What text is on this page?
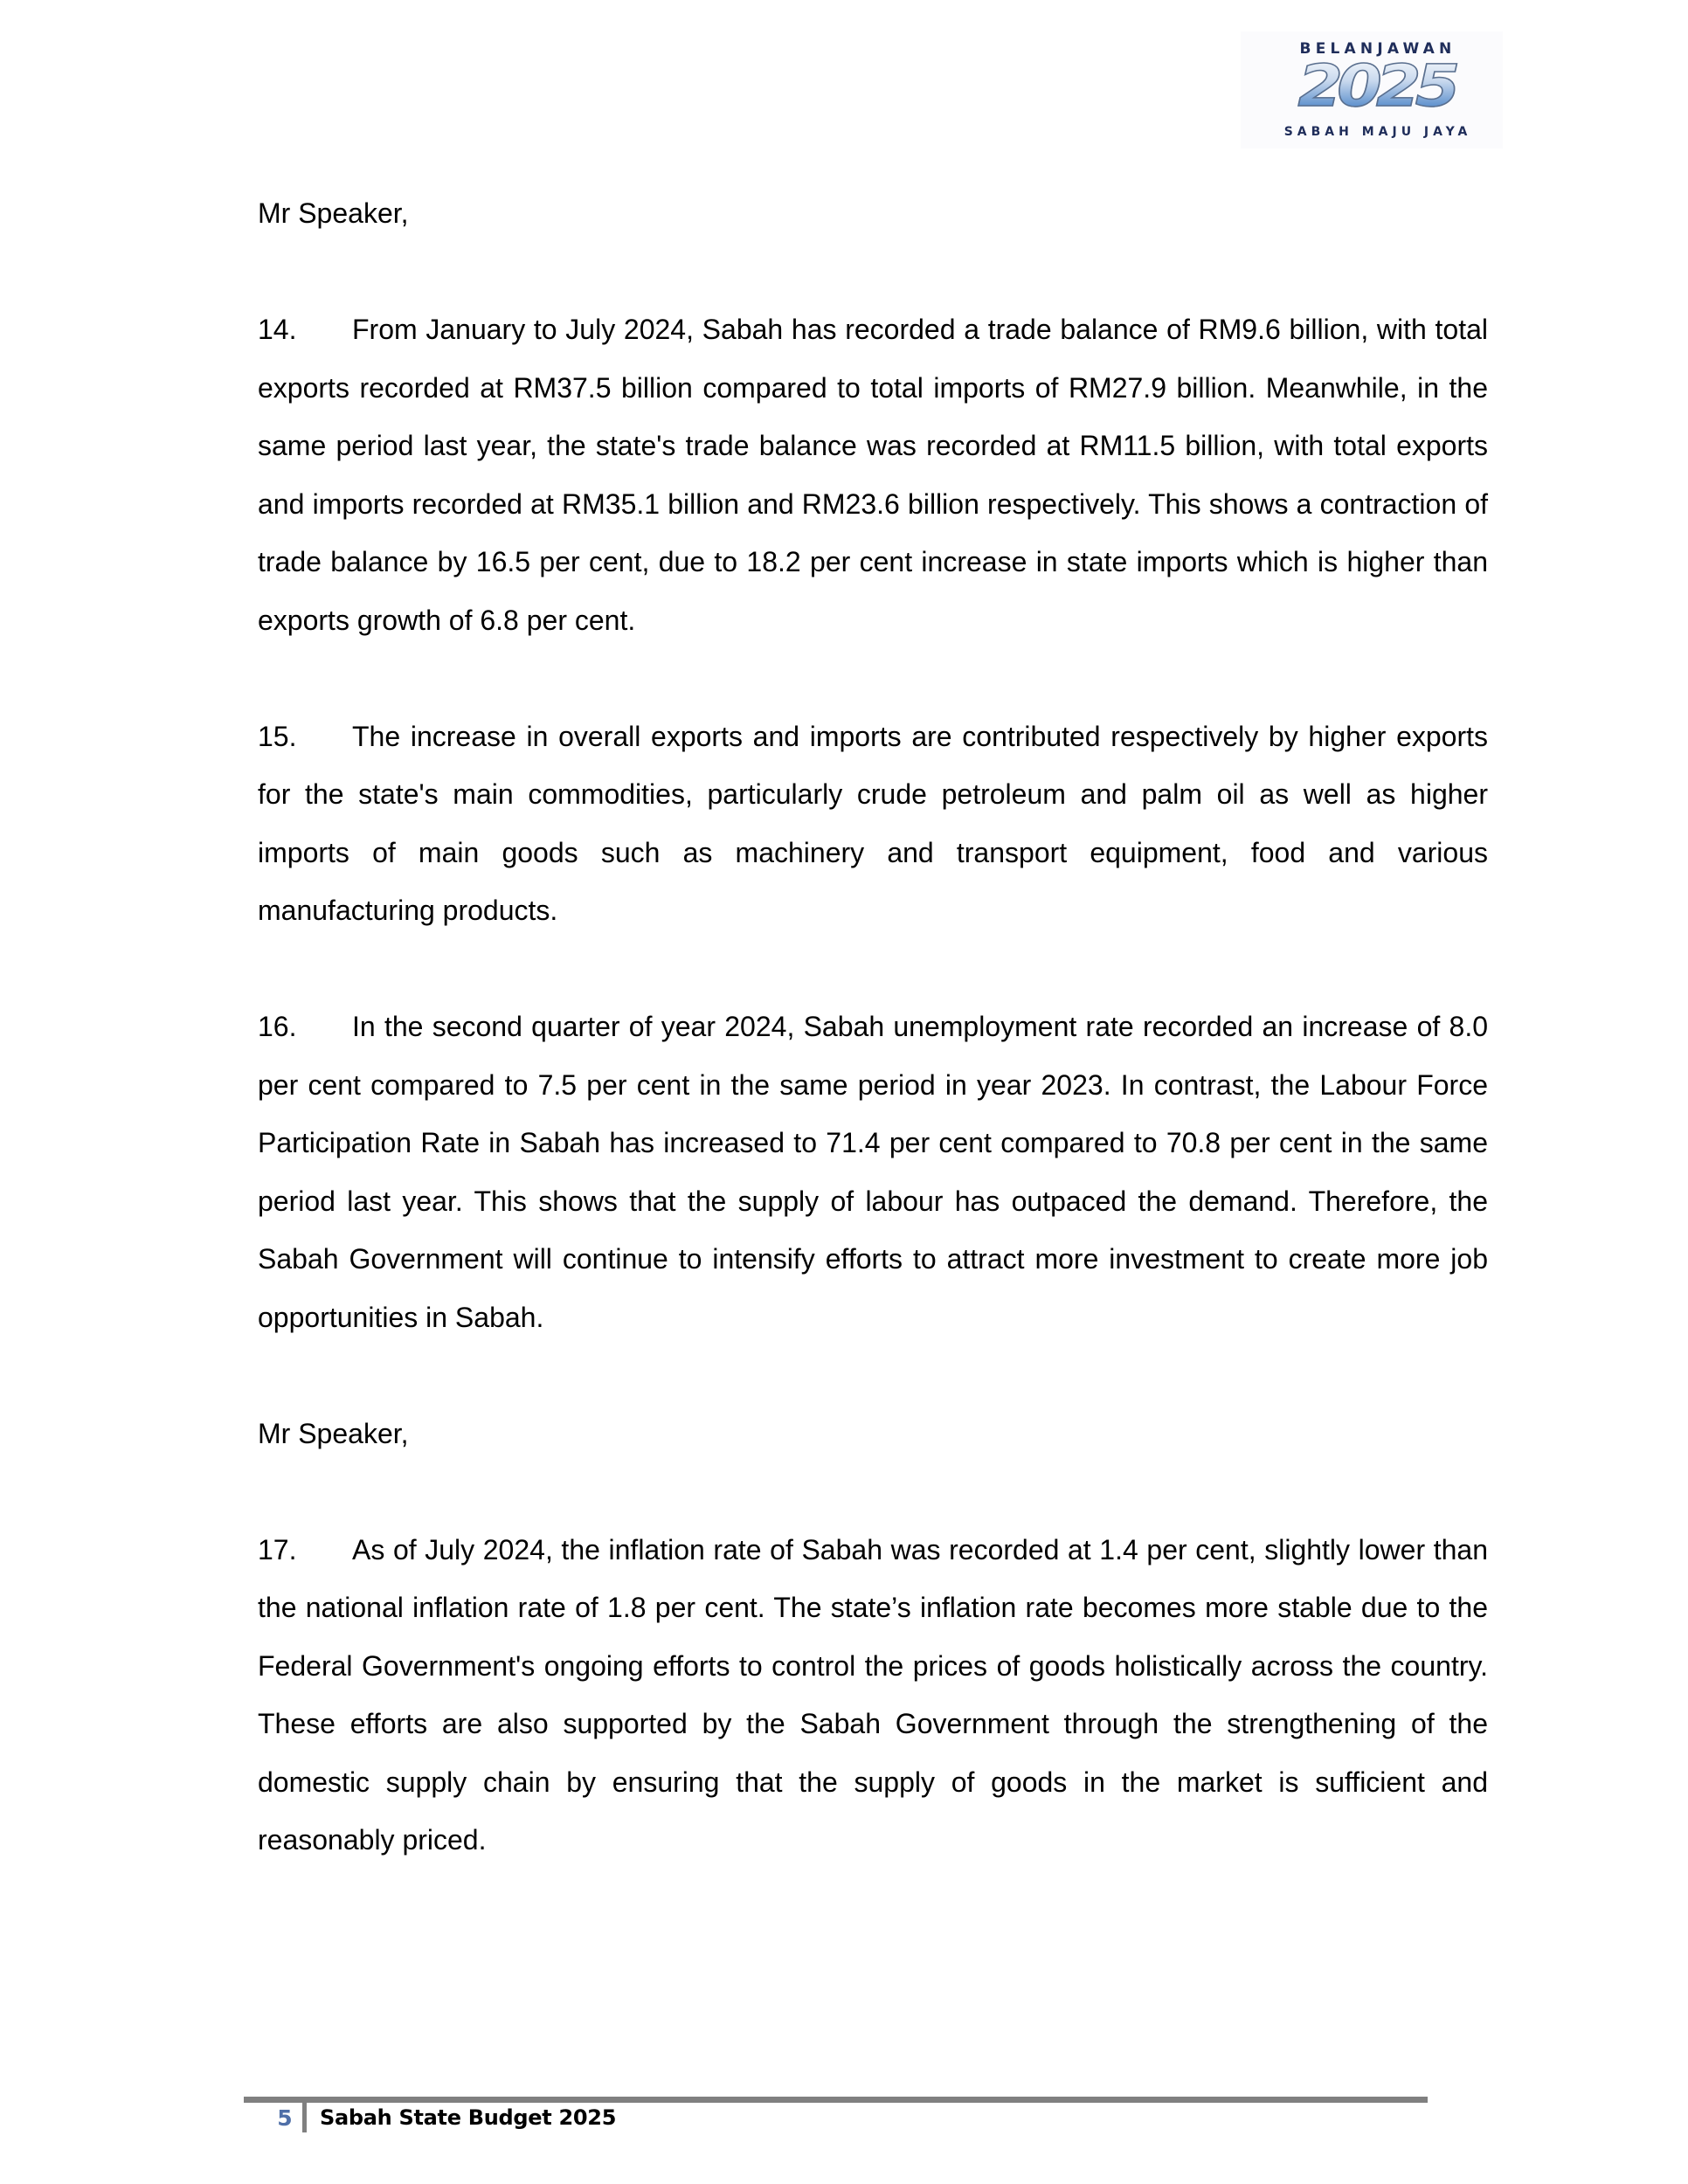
BELANJAWAN
2025
SABAH MAJU JAYA

Mr Speaker,

14. From January to July 2024, Sabah has recorded a trade balance of RM9.6 billion, with total exports recorded at RM37.5 billion compared to total imports of RM27.9 billion. Meanwhile, in the same period last year, the state's trade balance was recorded at RM11.5 billion, with total exports and imports recorded at RM35.1 billion and RM23.6 billion respectively. This shows a contraction of trade balance by 16.5 per cent, due to 18.2 per cent increase in state imports which is higher than exports growth of 6.8 per cent.

15. The increase in overall exports and imports are contributed respectively by higher exports for the state's main commodities, particularly crude petroleum and palm oil as well as higher imports of main goods such as machinery and transport equipment, food and various manufacturing products.

16. In the second quarter of year 2024, Sabah unemployment rate recorded an increase of 8.0 per cent compared to 7.5 per cent in the same period in year 2023. In contrast, the Labour Force Participation Rate in Sabah has increased to 71.4 per cent compared to 70.8 per cent in the same period last year. This shows that the supply of labour has outpaced the demand. Therefore, the Sabah Government will continue to intensify efforts to attract more investment to create more job opportunities in Sabah.

Mr Speaker,

17. As of July 2024, the inflation rate of Sabah was recorded at 1.4 per cent, slightly lower than the national inflation rate of 1.8 per cent. The state’s inflation rate becomes more stable due to the Federal Government's ongoing efforts to control the prices of goods holistically across the country. These efforts are also supported by the Sabah Government through the strengthening of the domestic supply chain by ensuring that the supply of goods in the market is sufficient and reasonably priced.

5 Sabah State Budget 2025
